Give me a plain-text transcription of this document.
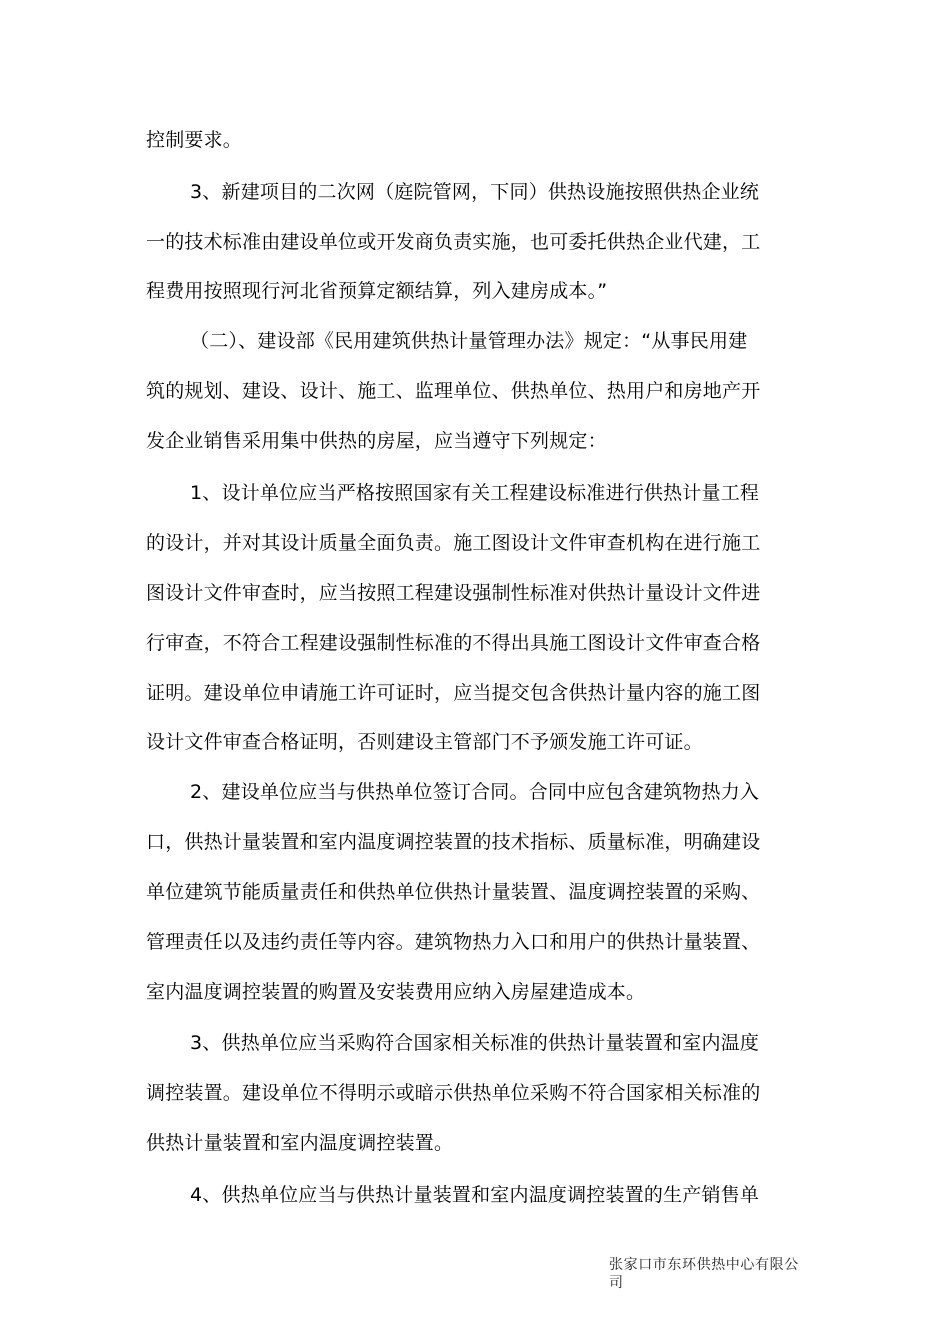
控制要求。
3、新建项目的二次网（庭院管网，下同）供热设施按照供热企业统
一的技术标准由建设单位或开发商负责实施，也可委托供热企业代建，工
程费用按照现行河北省预算定额结算，列入建房成本。”
（二）、建设部《民用建筑供热计量管理办法》规定：“从事民用建
筑的规划、建设、设计、施工、监理单位、供热单位、热用户和房地产开
发企业销售采用集中供热的房屋，应当遵守下列规定：
1、设计单位应当严格按照国家有关工程建设标准进行供热计量工程
的设计，并对其设计质量全面负责。施工图设计文件审查机构在进行施工
图设计文件审查时，应当按照工程建设强制性标准对供热计量设计文件进
行审查，不符合工程建设强制性标准的不得出具施工图设计文件审查合格
证明。建设单位申请施工许可证时，应当提交包含供热计量内容的施工图
设计文件审查合格证明，否则建设主管部门不予颁发施工许可证。
2、建设单位应当与供热单位签订合同。合同中应包含建筑物热力入
口，供热计量装置和室内温度调控装置的技术指标、质量标准，明确建设
单位建筑节能质量责任和供热单位供热计量装置、温度调控装置的采购、
管理责任以及违约责任等内容。建筑物热力入口和用户的供热计量装置、
室内温度调控装置的购置及安装费用应纳入房屋建造成本。
3、供热单位应当采购符合国家相关标准的供热计量装置和室内温度
调控装置。建设单位不得明示或暗示供热单位采购不符合国家相关标准的
供热计量装置和室内温度调控装置。
4、供热单位应当与供热计量装置和室内温度调控装置的生产销售单
张家口市东环供热中心有限公司
